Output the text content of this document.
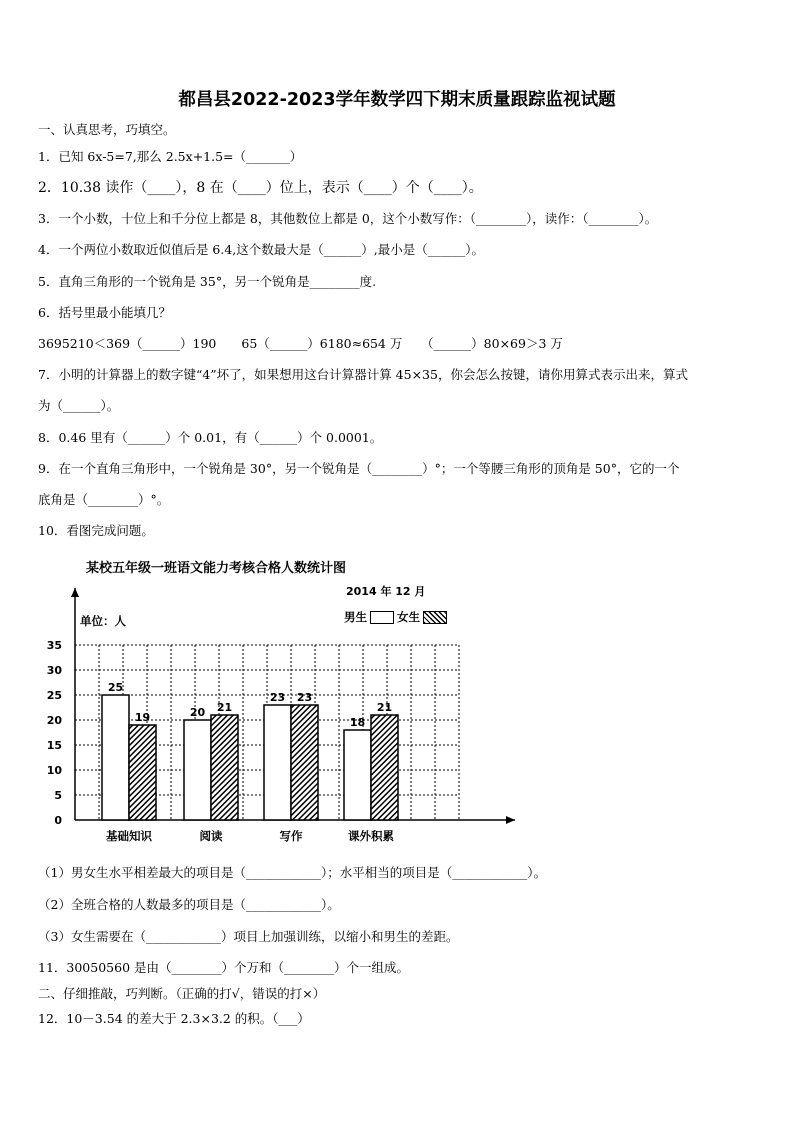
都昌县2022-2023学年数学四下期末质量跟踪监视试题
一、认真思考，巧填空。
1．已知 6x-5=7,那么 2.5x+1.5=（_______）
2．10.38 读作（____），8 在（____）位上，表示（____）个（____）。
3．一个小数，十位上和千分位上都是 8，其他数位上都是 0，这个小数写作：（________），读作：（________）。
4．一个两位小数取近似值后是 6.4,这个数最大是（______）,最小是（______）。
5．直角三角形的一个锐角是 35°，另一个锐角是________度.
6．括号里最小能填几？
3695210＜369（______）190　　65（______）6180≈654 万　　（______）80×69＞3 万
7．小明的计算器上的数字键“4”坏了，如果想用这台计算器计算 45×35，你会怎么按键，请你用算式表示出来，算式
为（______）。
8．0.46 里有（______）个 0.01，有（______）个 0.0001。
9．在一个直角三角形中，一个锐角是 30°，另一个锐角是（________）°；一个等腰三角形的顶角是 50°，它的一个
底角是（________）°。
10．看图完成问题。
某校五年级一班语文能力考核合格人数统计图
2014 年 12 月
单位：人	男生	女生
0
5
10
15
20
25
30
35
25
19
基础知识
20 21
阅读
23 23
写作
18
21
课外积累
（1）男女生水平相差最大的项目是（____________）；水平相当的项目是（____________）。
（2）全班合格的人数最多的项目是（____________）。
（3）女生需要在（____________）项目上加强训练，以缩小和男生的差距。
11．30050560 是由（________）个万和（________）个一组成。
二、仔细推敲，巧判断。（正确的打√，错误的打×）
12．10－3.54 的差大于 2.3×3.2 的积。（___）
